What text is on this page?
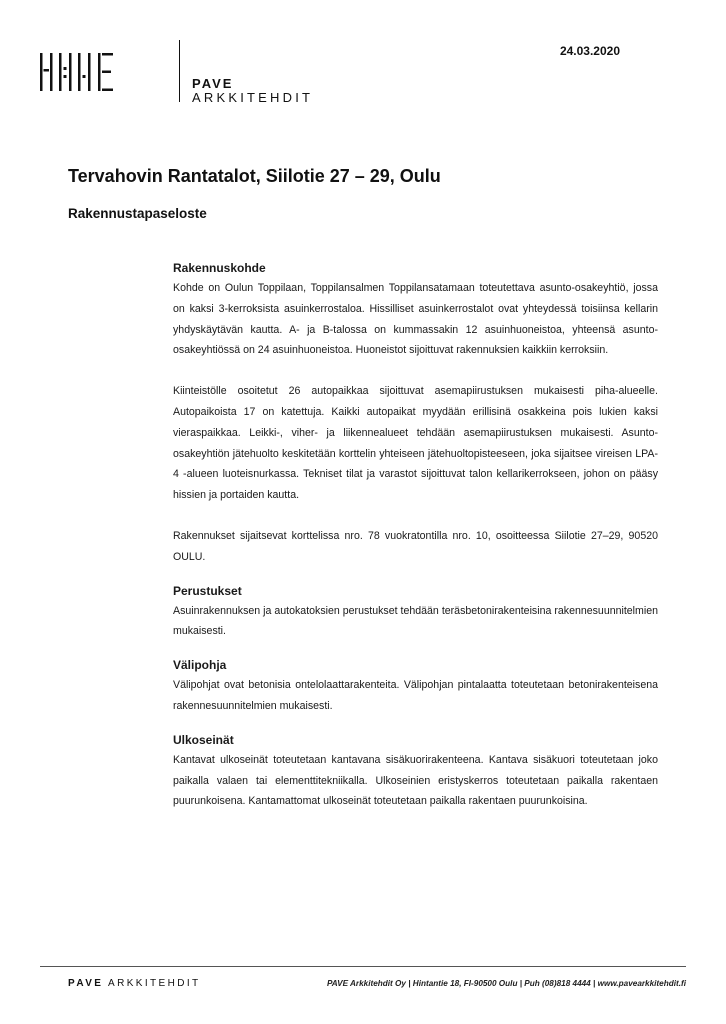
PAVE
ARKKITEHDIT
24.03.2020
Tervahovin Rantatalot, Siilotie 27 – 29, Oulu
Rakennustapaseloste
Rakennuskohde

Kohde on Oulun Toppilaan, Toppilansalmen Toppilansatamaan toteutettava asunto-osakeyhtiö, jossa on kaksi 3-kerroksista asuinkerrostaloa. Hissilliset asuinkerrostalot ovat yhteydessä toisiinsa kellarin yhdyskäytävän kautta. A- ja B-talossa on kummassakin 12 asuinhuoneistoa, yhteensä asunto-osakeyhtiössä on 24 asuinhuoneistoa. Huoneistot sijoittuvat rakennuksien kaikkiin kerroksiin.

Kiinteistölle osoitetut 26 autopaikkaa sijoittuvat asemapiirustuksen mukaisesti piha-alueelle. Autopaikoista 17 on katettuja. Kaikki autopaikat myydään erillisinä osakkeina pois lukien kaksi vieraspaikkaa. Leikki-, viher- ja liikennealueet tehdään asemapiirustuksen mukaisesti. Asunto-osakeyhtiön jätehuolto keskitetään korttelin yhteiseen jätehuoltopisteeseen, joka sijaitsee vireisen LPA-4 -alueen luoteisnurkassa. Tekniset tilat ja varastot sijoittuvat talon kellarikerrokseen, johon on pääsy hissien ja portaiden kautta.

Rakennukset sijaitsevat korttelissa nro. 78 vuokratontilla nro. 10, osoitteessa Siilotie 27–29, 90520 OULU.

Perustukset

Asuinrakennuksen ja autokatoksien perustukset tehdään teräsbetonirakenteisina rakennesuunnitelmien mukaisesti.

Välipohja

Välipohjat ovat betonisia ontelolaattarakenteita. Välipohjan pintalaatta toteutetaan betonirakenteisena rakennesuunnitelmien mukaisesti.

Ulkoseinät

Kantavat ulkoseinät toteutetaan kantavana sisäkuorirakenteena. Kantava sisäkuori toteutetaan joko paikalla valaen tai elementtitekniikalla. Ulkoseinien eristyskerros toteutetaan paikalla rakentaen puurunkoisena. Kantamattomat ulkoseinät toteutetaan paikalla rakentaen puurunkoisina.

PAVE ARKKITEHDIT	PAVE Arkkitehdit Oy | Hintantie 18, FI-90500 Oulu | Puh (08)818 4444 | www.pavearkkitehdit.fi
